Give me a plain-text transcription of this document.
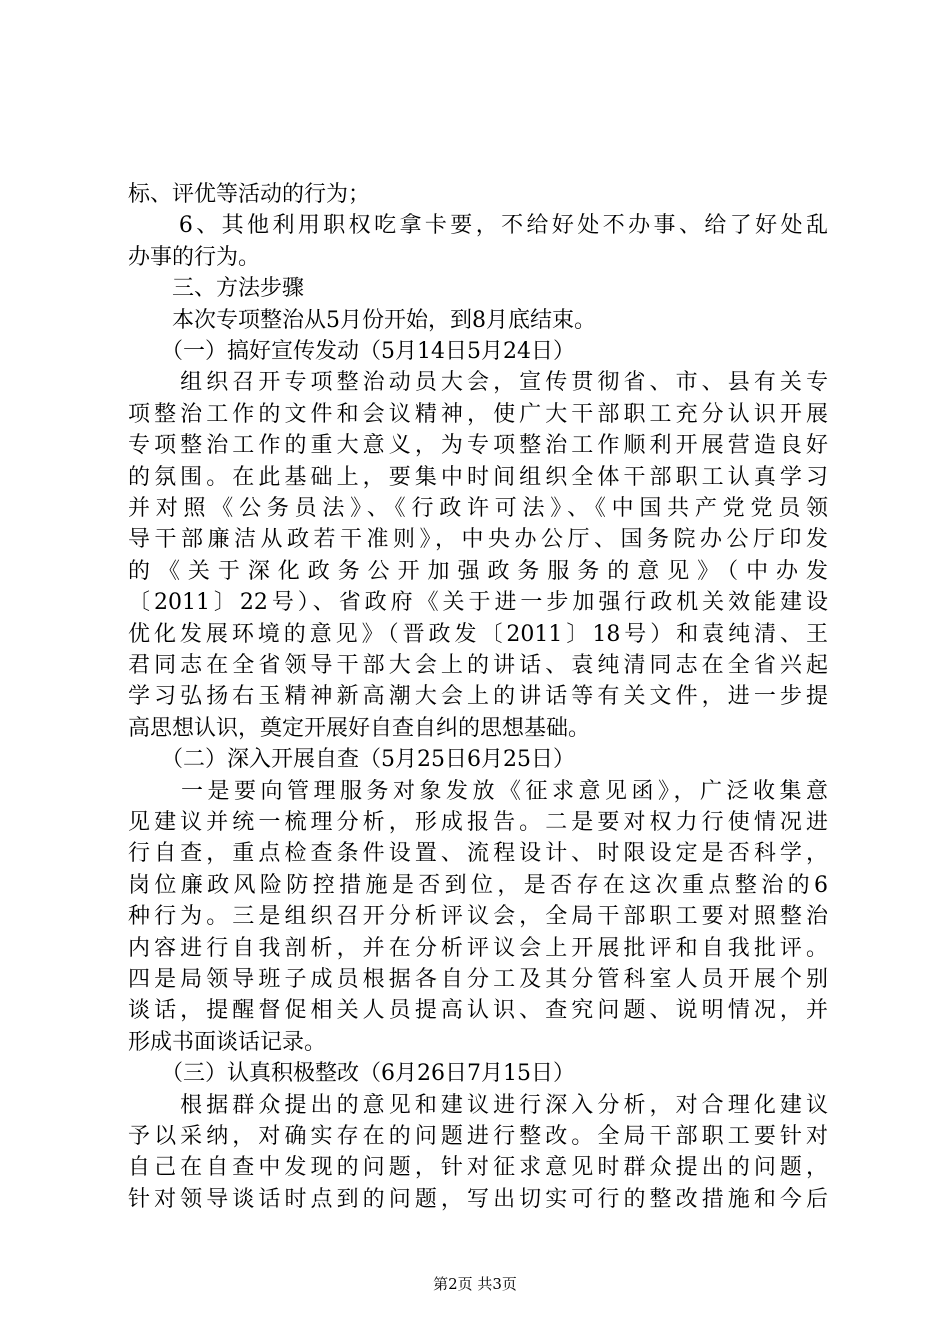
标、评优等活动的行为；
　　6、其他利用职权吃拿卡要，不给好处不办事、给了好处乱
办事的行为。
　　三、方法步骤
　　本次专项整治从5月份开始，到8月底结束。
　　（一）搞好宣传发动（5月14日5月24日）
　　组织召开专项整治动员大会，宣传贯彻省、市、县有关专
项整治工作的文件和会议精神，使广大干部职工充分认识开展
专项整治工作的重大意义，为专项整治工作顺利开展营造良好
的氛围。在此基础上，要集中时间组织全体干部职工认真学习
并对照《公务员法》、《行政许可法》、《中国共产党党员领
导干部廉洁从政若干准则》，中央办公厅、国务院办公厅印发
的《关于深化政务公开加强政务服务的意见》（中办发
〔2011〕22号）、省政府《关于进一步加强行政机关效能建设
优化发展环境的意见》（晋政发〔2011〕18号）和袁纯清、王
君同志在全省领导干部大会上的讲话、袁纯清同志在全省兴起
学习弘扬右玉精神新高潮大会上的讲话等有关文件，进一步提
高思想认识，奠定开展好自查自纠的思想基础。
　　（二）深入开展自查（5月25日6月25日）
　　一是要向管理服务对象发放《征求意见函》，广泛收集意
见建议并统一梳理分析，形成报告。二是要对权力行使情况进
行自查，重点检查条件设置、流程设计、时限设定是否科学，
岗位廉政风险防控措施是否到位，是否存在这次重点整治的6
种行为。三是组织召开分析评议会，全局干部职工要对照整治
内容进行自我剖析，并在分析评议会上开展批评和自我批评。
四是局领导班子成员根据各自分工及其分管科室人员开展个别
谈话，提醒督促相关人员提高认识、查究问题、说明情况，并
形成书面谈话记录。
　　（三）认真积极整改（6月26日7月15日）
　　根据群众提出的意见和建议进行深入分析，对合理化建议
予以采纳，对确实存在的问题进行整改。全局干部职工要针对
自己在自查中发现的问题，针对征求意见时群众提出的问题，
针对领导谈话时点到的问题，写出切实可行的整改措施和今后
第2页 共3页
